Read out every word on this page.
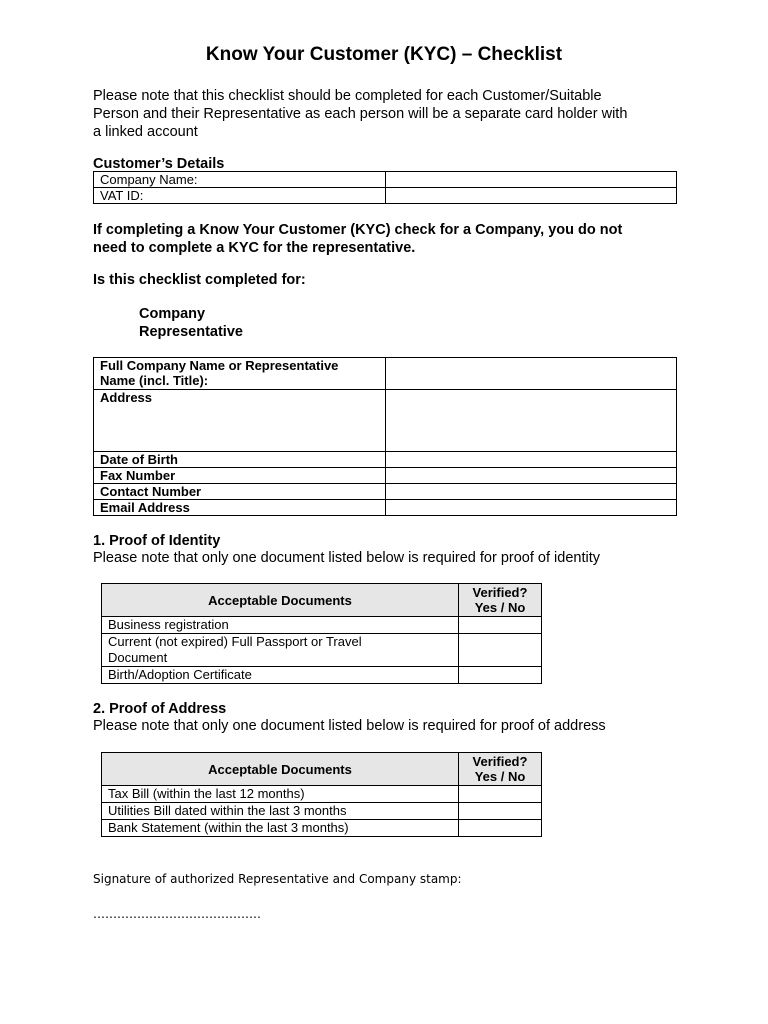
Know Your Customer (KYC) – Checklist
Please note that this checklist should be completed for each Customer/Suitable
Person and their Representative as each person will be a separate card holder with
a linked account
Customer’s Details
Company Name:	
VAT ID:	
If completing a Know Your Customer (KYC) check for a Company, you do not
need to complete a KYC for the representative.
Is this checklist completed for:
Company
Representative
Full Company Name or Representative
Name (incl. Title):	

Address	
Date of Birth	
Fax Number	
Contact Number	
Email Address	
1. Proof of Identity
Please note that only one document listed below is required for proof of identity
Acceptable Documents	Verified?
Yes / No

Business registration	

Current (not expired) Full Passport or Travel
Document	

Birth/Adoption Certificate	
2. Proof of Address
Please note that only one document listed below is required for proof of address
Acceptable Documents	Verified?
Yes / No

Tax Bill (within the last 12 months)	
Utilities Bill dated within the last 3 months	
Bank Statement (within the last 3 months)	
Signature of authorized Representative and Company stamp:
……………………………………
